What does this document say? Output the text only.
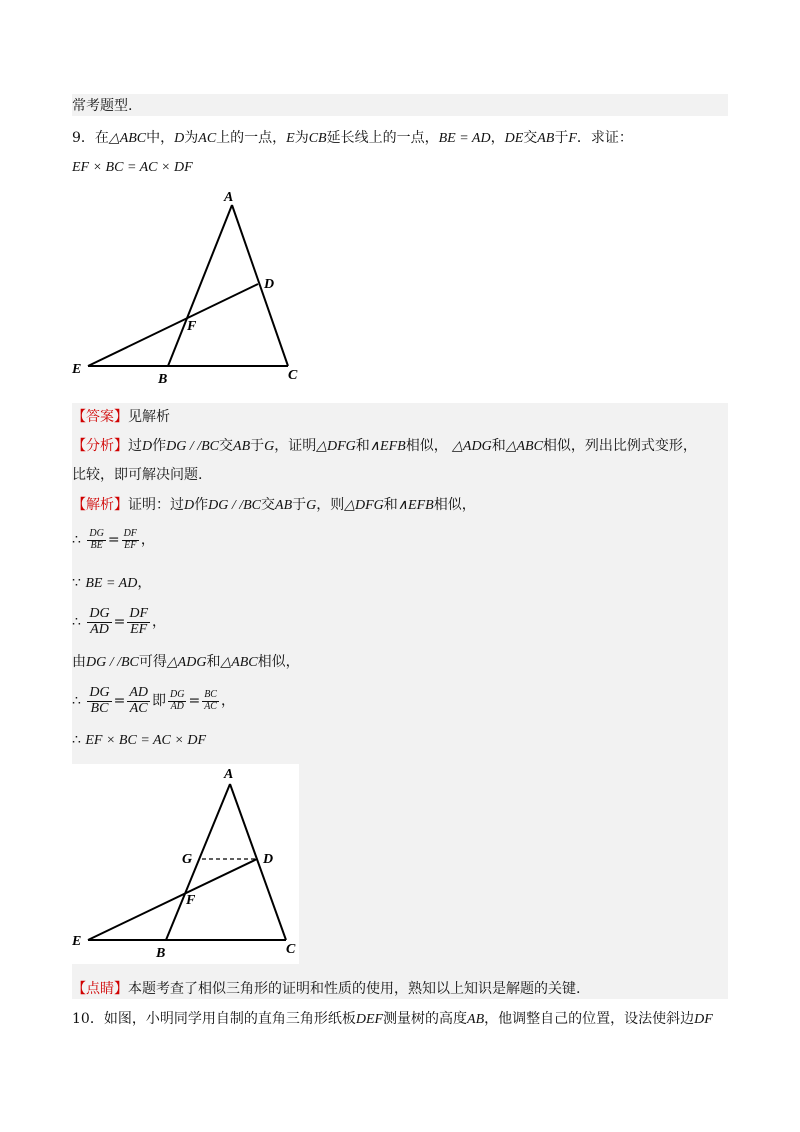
常考题型.
9．在△ABC中，D为AC上的一点，E为CB延长线上的一点，BE = AD，DE交AB于F．求证：
EF × BC = AC × DF
A
B	C
D
E
F
【答案】见解析
【分析】过D作DG / /BC交AB于G，证明△DFG和∧EFB相似， △ADG和△ABC相似，列出比例式变形，
比较，即可解决问题.
【解析】证明：过D作DG / /BC交AB于G，则△DFG和∧EFB相似，
∴ $\frac{DG}{BE} = \frac{DF}{EF}$ ，
∵ BE = AD，
∴ $\frac{DG}{AD} = \frac{DF}{EF}$ ，
由DG / /BC可得△ADG和△ABC相似，
∴ $\frac{DG}{BC} = \frac{AD}{AC}$ 即 $\frac{DG}{AD} = \frac{BC}{AC}$ ，
∴ EF × BC = AC × DF
A
B	C
D
E
F
G
【点睛】本题考查了相似三角形的证明和性质的使用，熟知以上知识是解题的关键.
10．如图，小明同学用自制的直角三角形纸板DEF测量树的高度AB，他调整自己的位置，设法使斜边DF
